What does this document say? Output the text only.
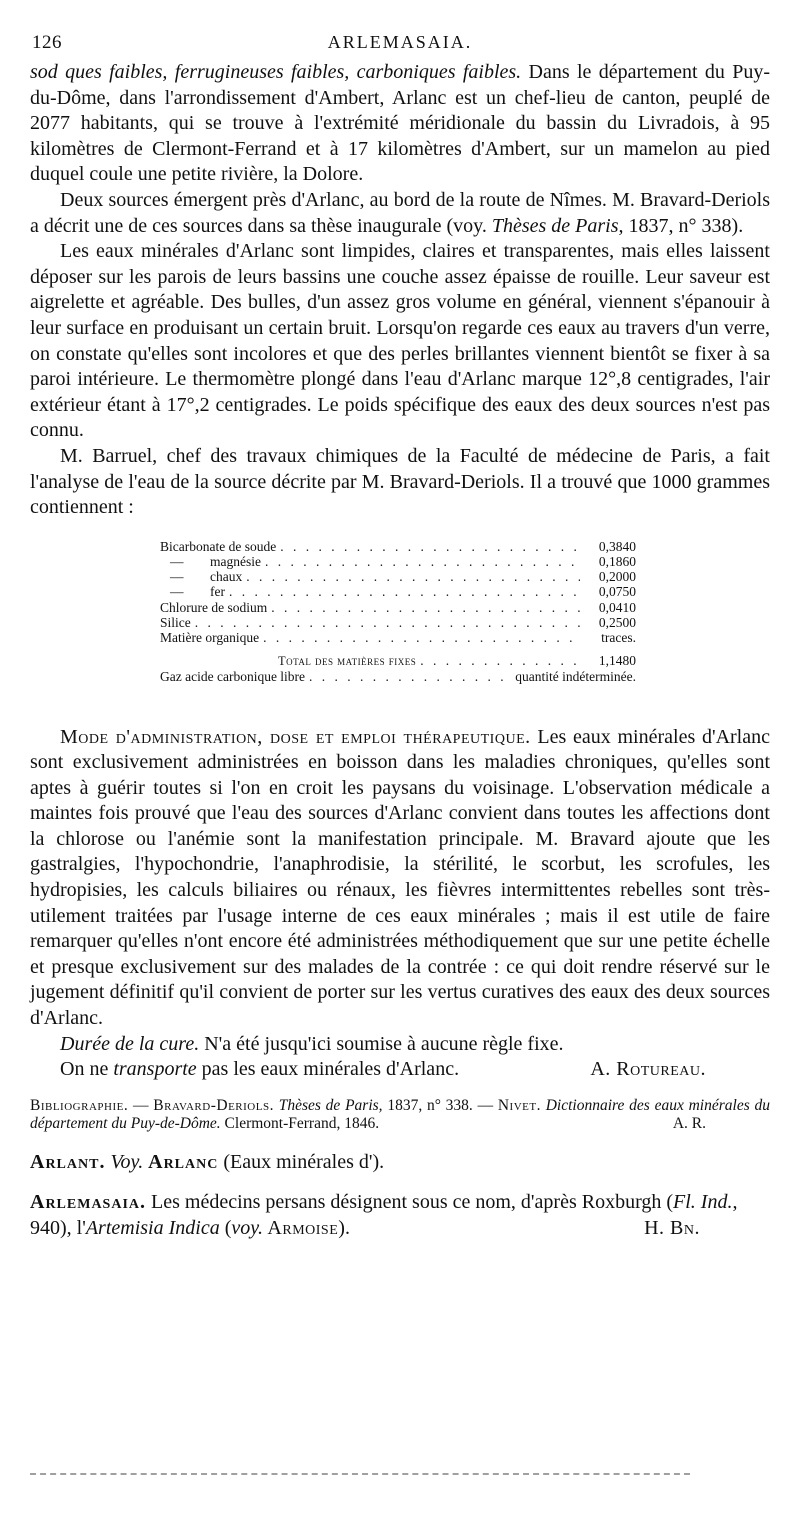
126	ARLEMASAIA.

sod ques faibles, ferrugineuses faibles, carboniques faibles. Dans le département du Puy-du-Dôme, dans l'arrondissement d'Ambert, Arlanc est un chef-lieu de canton, peuplé de 2077 habitants, qui se trouve à l'extrémité méridionale du bassin du Livradois, à 95 kilomètres de Clermont-Ferrand et à 17 kilomètres d'Ambert, sur un mamelon au pied duquel coule une petite rivière, la Dolore.

Deux sources émergent près d'Arlanc, au bord de la route de Nîmes. M. Bravard-Deriols a décrit une de ces sources dans sa thèse inaugurale (voy. Thèses de Paris, 1837, n° 338).

Les eaux minérales d'Arlanc sont limpides, claires et transparentes, mais elles laissent déposer sur les parois de leurs bassins une couche assez épaisse de rouille. Leur saveur est aigrelette et agréable. Des bulles, d'un assez gros volume en général, viennent s'épanouir à leur surface en produisant un certain bruit. Lorsqu'on regarde ces eaux au travers d'un verre, on constate qu'elles sont incolores et que des perles brillantes viennent bientôt se fixer à sa paroi intérieure. Le thermomètre plongé dans l'eau d'Arlanc marque 12°,8 centigrades, l'air extérieur étant à 17°,2 centigrades. Le poids spécifique des eaux des deux sources n'est pas connu.

M. Barruel, chef des travaux chimiques de la Faculté de médecine de Paris, a fait l'analyse de l'eau de la source décrite par M. Bravard-Deriols. Il a trouvé que 1000 grammes contiennent :

Bicarbonate de soude . . .	0,3840
— magnésie . . .	0,1860
— chaux . . .	0,2000
— fer . . .	0,0750
Chlorure de sodium . . .	0,0410
Silice . . .	0,2500
Matière organique . . .	traces.
Total des matières fixes . . .	1,1480
Gaz acide carbonique libre . . .	quantité indéterminée.

Mode d'administration, dose et emploi thérapeutique. Les eaux minérales d'Arlanc sont exclusivement administrées en boisson dans les maladies chroniques, qu'elles sont aptes à guérir toutes si l'on en croit les paysans du voisinage. L'observation médicale a maintes fois prouvé que l'eau des sources d'Arlanc convient dans toutes les affections dont la chlorose ou l'anémie sont la manifestation principale. M. Bravard ajoute que les gastralgies, l'hypochondrie, l'anaphrodisie, la stérilité, le scorbut, les scrofules, les hydropisies, les calculs biliaires ou rénaux, les fièvres intermittentes rebelles sont très-utilement traitées par l'usage interne de ces eaux minérales ; mais il est utile de faire remarquer qu'elles n'ont encore été administrées méthodiquement que sur une petite échelle et presque exclusivement sur des malades de la contrée : ce qui doit rendre réservé sur le jugement définitif qu'il convient de porter sur les vertus curatives des eaux des deux sources d'Arlanc.

Durée de la cure. N'a été jusqu'ici soumise à aucune règle fixe.

On ne transporte pas les eaux minérales d'Arlanc.	A. Rotureau.

Bibliographie. — Bravard-Deriols. Thèses de Paris, 1837, n° 338. — Nivet. Dictionnaire des eaux minérales du département du Puy-de-Dôme. Clermont-Ferrand, 1846.	A. R.

Arlant. Voy. Arlanc (Eaux minérales d').

Arlemasaia. Les médecins persans désignent sous ce nom, d'après Roxburgh (Fl. Ind., 940), l'Artemisia Indica (voy. Armoise).	H. Bn.
